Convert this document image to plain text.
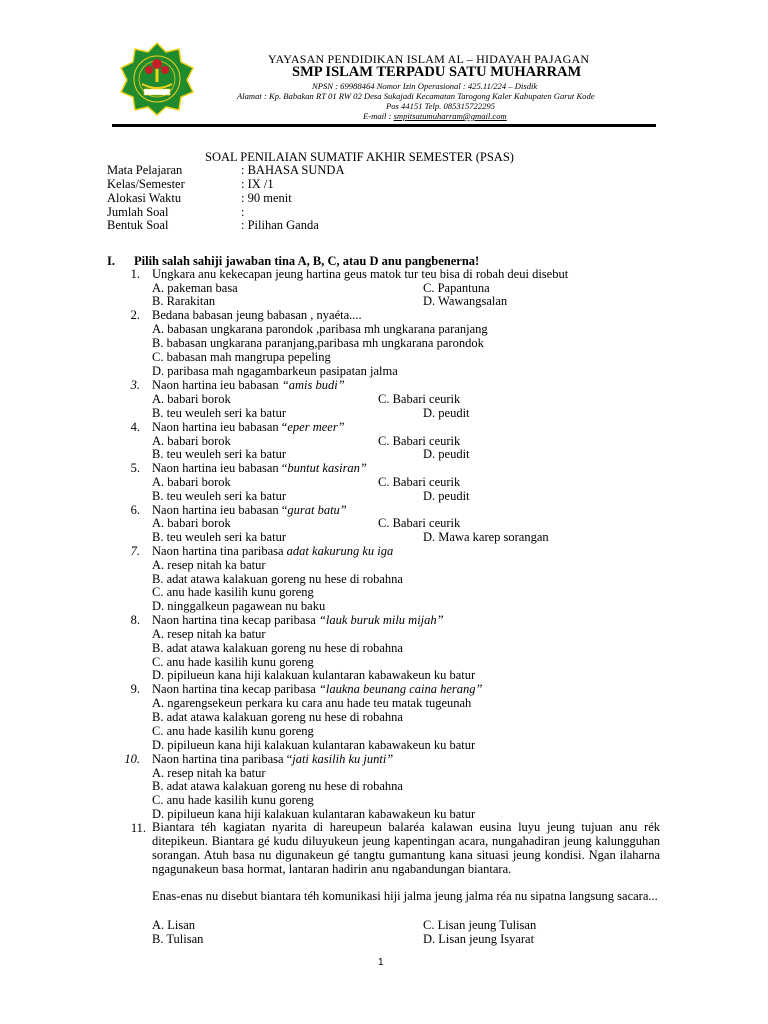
YAYASAN PENDIDIKAN ISLAM AL – HIDAYAH PAJAGAN
SMP ISLAM TERPADU SATU MUHARRAM
NPSN : 69988464 Nomor Izin Operasional : 425.11/224 – Disdik
Alamat : Kp. Babakan RT 01 RW 02 Desa Sukajadi Kecamatan Tarogong Kaler Kabupaten Garut Kode
Pos 44151 Telp. 085315722295
E-mail : smpitsatumuharram@gmail.com
SOAL PENILAIAN SUMATIF AKHIR SEMESTER (PSAS)
Mata Pelajaran	: BAHASA SUNDA
Kelas/Semester	: IX /1
Alokasi Waktu	: 90 menit
Jumlah Soal	:
Bentuk Soal	: Pilihan Ganda
I. Pilih salah sahiji jawaban tina A, B, C, atau D anu pangbenerna!
1. Ungkara anu kekecapan jeung hartina geus matok tur teu bisa di robah deui disebut
A. pakeman basa	C. Papantuna
B. Rarakitan	D. Wawangsalan
2. Bedana babasan jeung babasan , nyaéta....
A. babasan ungkarana parondok ,paribasa mh ungkarana paranjang
B. babasan ungkarana paranjang,paribasa mh ungkarana parondok
C. babasan mah mangrupa pepeling
D. paribasa mah ngagambarkeun pasipatan jalma
3. Naon hartina ieu babasan “amis budi”
A. babari borok	C. Babari ceurik
B. teu weuleh seri ka batur	D. peudit
4. Naon hartina ieu babasan “eper meer”
A. babari borok	C. Babari ceurik
B. teu weuleh seri ka batur	D. peudit
5. Naon hartina ieu babasan “buntut kasiran”
A. babari borok	C. Babari ceurik
B. teu weuleh seri ka batur	D. peudit
6. Naon hartina ieu babasan “gurat batu”
A. babari borok	C. Babari ceurik
B. teu weuleh seri ka batur	D. Mawa karep sorangan
7. Naon hartina tina paribasa adat kakurung ku iga
A. resep nitah ka batur
B. adat atawa kalakuan goreng nu hese di robahna
C. anu hade kasilih kunu goreng
D. ninggalkeun pagawean nu baku
8. Naon hartina tina kecap paribasa “lauk buruk milu mijah”
A. resep nitah ka batur
B. adat atawa kalakuan goreng nu hese di robahna
C. anu hade kasilih kunu goreng
D. pipilueun kana hiji kalakuan kulantaran kabawakeun ku batur
9. Naon hartina tina kecap paribasa “laukna beunang caina herang”
A. ngarengsekeun perkara ku cara anu hade teu matak tugeunah
B. adat atawa kalakuan goreng nu hese di robahna
C. anu hade kasilih kunu goreng
D. pipilueun kana hiji kalakuan kulantaran kabawakeun ku batur
10. Naon hartina tina paribasa “jati kasilih ku junti”
A. resep nitah ka batur
B. adat atawa kalakuan goreng nu hese di robahna
C. anu hade kasilih kunu goreng
D. pipilueun kana hiji kalakuan kulantaran kabawakeun ku batur
11. Biantara téh kagiatan nyarita di hareupeun balaréa kalawan eusina luyu jeung tujuan anu rék ditepikeun. Biantara gé kudu diluyukeun jeung kapentingan acara, nungahadiran jeung kalungguhan sorangan. Atuh basa nu digunakeun gé tangtu gumantung kana situasi jeung kondisi. Ngan ilaharna ngagunakeun basa hormat, lantaran hadirin anu ngabandungan biantara.
Enas-enas nu disebut biantara téh komunikasi hiji jalma jeung jalma réa nu sipatna langsung sacara...
A. Lisan	C. Lisan jeung Tulisan
B. Tulisan	D. Lisan jeung Isyarat
1
